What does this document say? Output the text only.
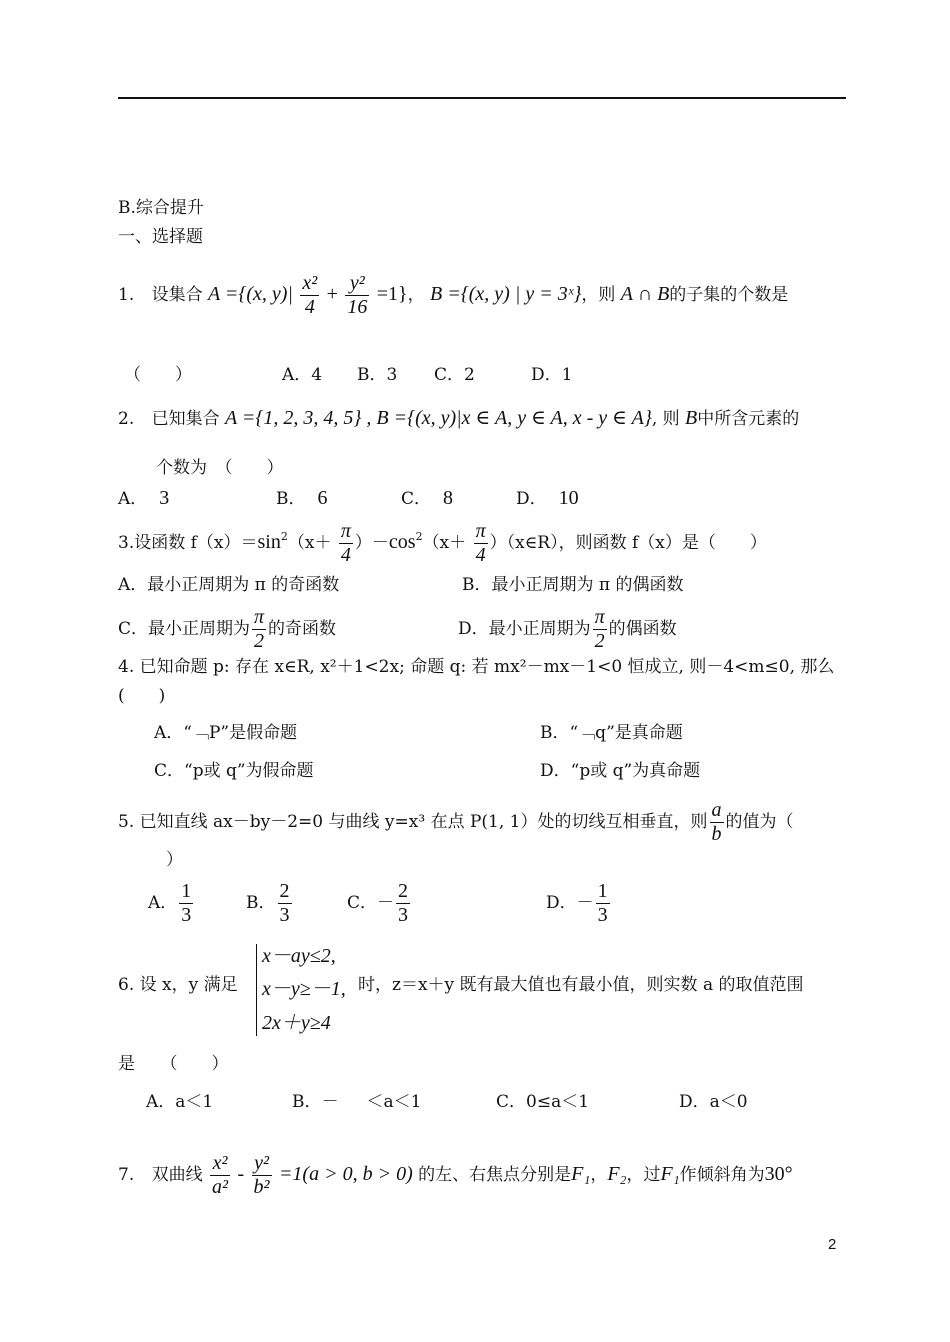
B.综合提升
一、选择题
1. 设集合 A ={(x, $y)| \frac{\text{x²}}{4} + \frac{\text{y²}}{16} =1$}， B ={(x, y) | y = 3ˣ}，则 A ∩ B的子集的个数是
（　　）	A．4 B．3 C．2	D．1
2. 已知集合 A ={1, 2, 3, 4, 5} , B ={(x, y)|x ∈ A, y ∈ A, x - y ∈ A}, 则 B中所含元素的
个数为　（　　）
A． 3	B． 6	C． 8	D． 10
3.设函数 $f(x)=\sin^2(x+ \frac{\pi}{4} )-\cos^2(x+ \frac{\pi}{4}$ ）（x∈R），则函数 f（x）是（　　）
A．最小正周期为 π 的奇函数	B．最小正周期为 π 的偶函数
C．最小正周期为 $\frac{\pi}{2}$ 的奇函数	D．最小正周期为 $\frac{\pi}{2}$ 的偶函数
4. 已知命题 p: 存在 x∈R, x²＋1<2x; 命题 q: 若 mx²－mx－1<0 恒成立, 则－4<m≤0, 那么
(　　)
A．“﹁P”是假命题	B．“﹁q”是真命题
C．“p或 q”为假命题	D．“p或 q”为真命题
5. 已知直线 ax－by－2=0 与曲线 y=x³ 在点 P(1, 1）处的切线互相垂直，则 $\frac{a}{b}$ 的值为（
）
A． $\frac{1}{3}$	B． $\frac{2}{3}$	C．－ $\frac{2}{3}$	D．－ $\frac{1}{3}$
6. 设 x，y 满足
x－ay≤2,
x－y≥－1,
2x＋y≥4
时，z＝x＋y 既有最大值也有最小值，则实数 a 的取值范围
是　　（　　）
A．a＜1	B．－ ＜a＜1	C．0≤a＜1	D．a＜0
7. 双曲线 $\frac{\text{x²}}{\text{a²}} - \frac{\text{y²}}{\text{b²}} =1(a > 0$, b > 0) 的左、右焦点分别是F₁，F₂，过F₁作倾斜角为30°
2
